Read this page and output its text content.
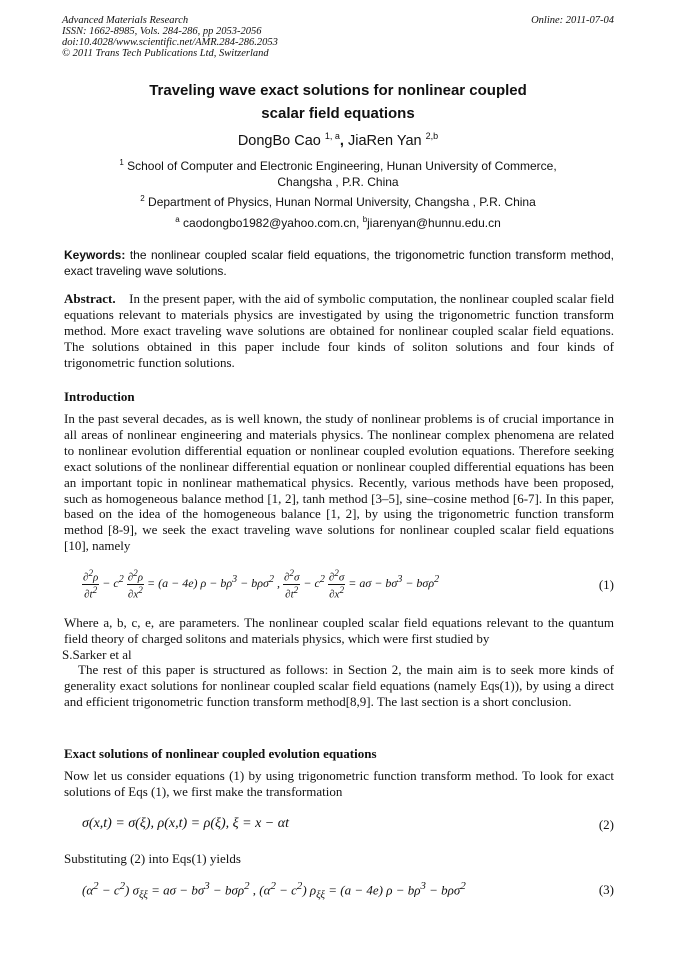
Advanced Materials Research
ISSN: 1662-8985, Vols. 284-286, pp 2053-2056
doi:10.4028/www.scientific.net/AMR.284-286.2053
© 2011 Trans Tech Publications Ltd, Switzerland
Online: 2011-07-04
Traveling wave exact solutions for nonlinear coupled
scalar field equations
DongBo Cao $^{1, a}$, JiaRen Yan $^{2,b}$
$^1$ School of Computer and Electronic Engineering, Hunan University of Commerce,
Changsha , P.R. China
$^2$ Department of Physics, Hunan Normal University, Changsha , P.R. China
$^a$ caodongbo1982@yahoo.com.cn, $^b$jiarenyan@hunnu.edu.cn
Keywords: the nonlinear coupled scalar field equations, the trigonometric function transform method, exact traveling wave solutions.
Abstract. In the present paper, with the aid of symbolic computation, the nonlinear coupled scalar field equations relevant to materials physics are investigated by using the trigonometric function transform method. More exact traveling wave solutions are obtained for nonlinear coupled scalar field equations. The solutions obtained in this paper include four kinds of soliton solutions and four kinds of trigonometric function solutions.
Introduction
In the past several decades, as is well known, the study of nonlinear problems is of crucial importance in all areas of nonlinear engineering and materials physics. The nonlinear complex phenomena are related to nonlinear evolution differential equation or nonlinear coupled evolution equations. Therefore seeking exact solutions of the nonlinear differential equation or nonlinear coupled differential equations has been an important topic in nonlinear mathematical physics. Recently, various methods have been proposed, such as homogeneous balance method [1, 2], tanh method [3–5], sine–cosine method [6-7]. In this paper, based on the idea of the homogeneous balance [1, 2], by using the trigonometric function transform method [8-9], we seek the exact traveling wave solutions for nonlinear coupled scalar field equations [10], namely
$\frac{\partial^2\rho}{\partial t^2} - c^2 \frac{\partial^2\rho}{\partial x^2} = (a - 4e) \rho - b\rho^3 - b\rho\sigma^2$ , $\frac{\partial^2\sigma}{\partial t^2} - c^2 \frac{\partial^2\sigma}{\partial x^2} = a\sigma - b\sigma^3 - b\sigma\rho^2$	(1)
Where a, b, c, e, are parameters. The nonlinear coupled scalar field equations relevant to the quantum field theory of charged solitons and materials physics, which were first studied by
S.Sarker et al
The rest of this paper is structured as follows: in Section 2, the main aim is to seek more kinds of generality exact solutions for nonlinear coupled scalar field equations (namely Eqs(1)), by using a direct and efficient trigonometric function transform method[8,9]. The last section is a short conclusion.
Exact solutions of nonlinear coupled evolution equations
Now let us consider equations (1) by using trigonometric function transform method. To look for exact solutions of Eqs (1), we first make the transformation
σ(x,t) = σ(ξ), ρ(x,t) = ρ(ξ), ξ = x − αt	(2)
Substituting (2) into Eqs(1) yields
$(\alpha^2 - c^2) \sigma_{\xi\xi} = a\sigma - b\sigma^3 - b\sigma\rho^2$ , $(\alpha^2 - c^2) \rho_{\xi\xi} = (a - 4e) \rho - b\rho^3 - b\rho\sigma^2$	(3)
